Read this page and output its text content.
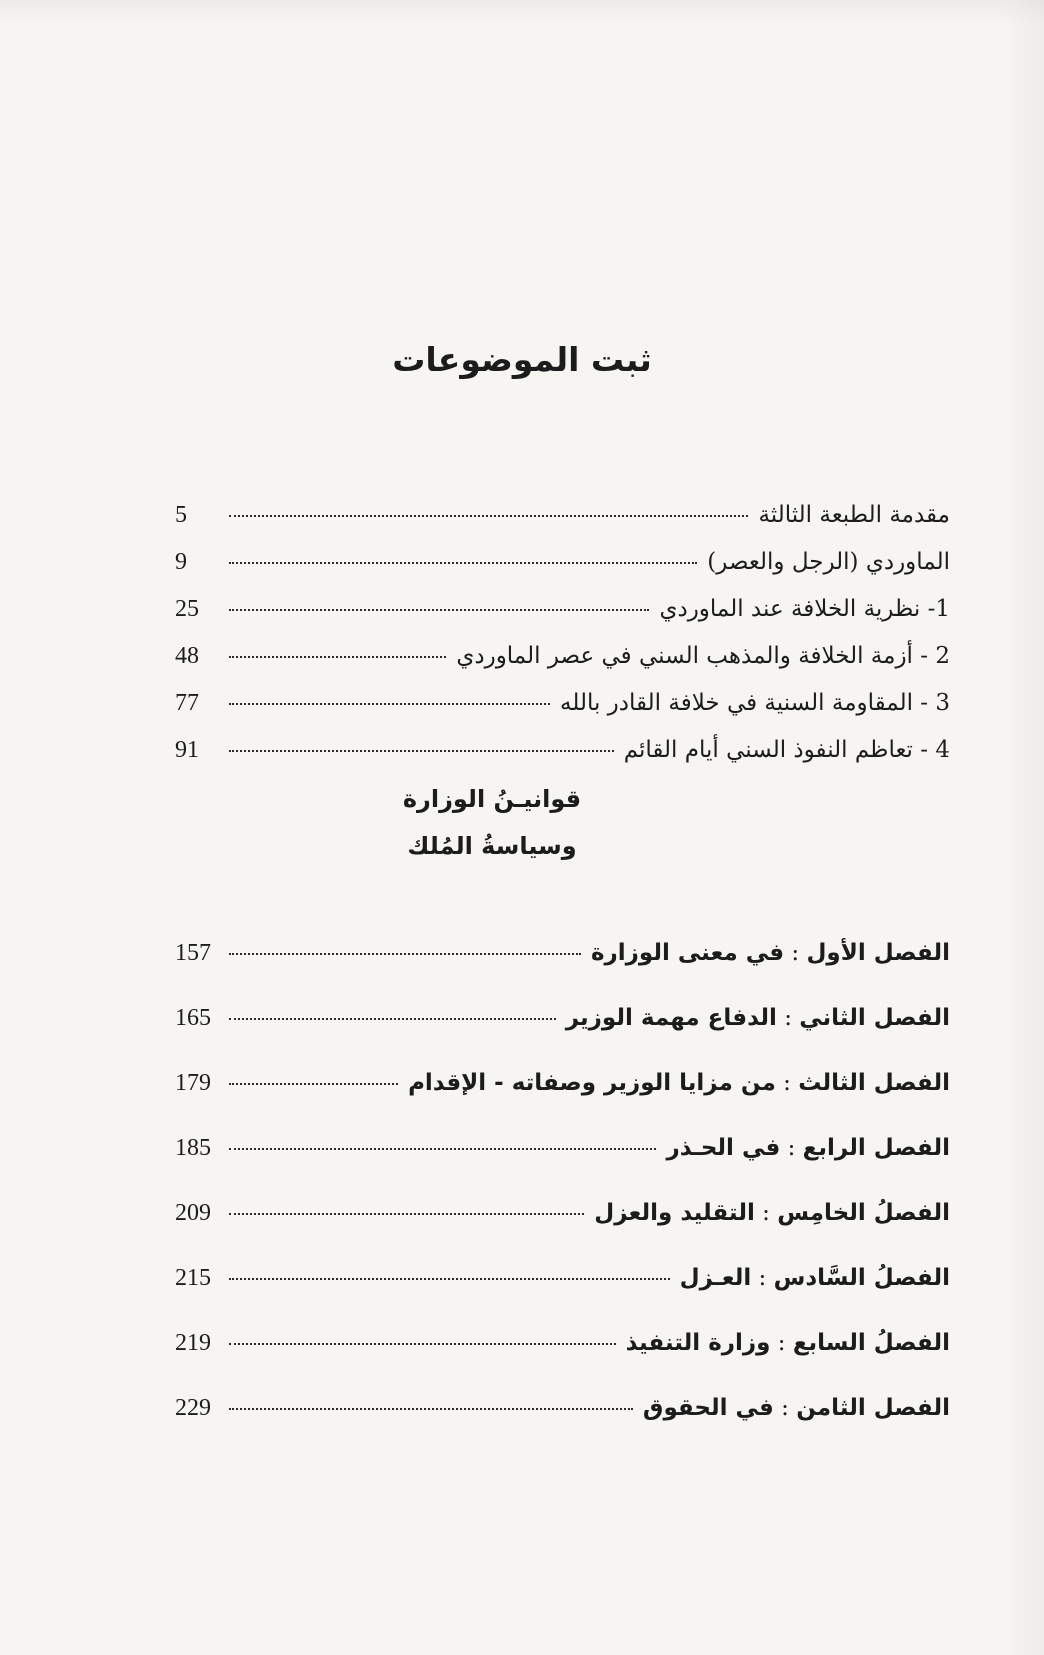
ثبت الموضوعات
مقدمة الطبعة الثالثة
5
الماوردي (الرجل والعصر)
9
1- نظرية الخلافة عند الماوردي
25
2 - أزمة الخلافة والمذهب السني في عصر الماوردي
48
3 - المقاومة السنية في خلافة القادر بالله
77
4 - تعاظم النفوذ السني أيام القائم
91
قوانيـنُ الوزارة
وسياسةُ المُلك
الفصل الأول : في معنى الوزارة
157
الفصل الثاني : الدفاع مهمة الوزير
165
الفصل الثالث : من مزايا الوزير وصفاته - الإقدام
179
الفصل الرابع : في الحـذر
185
الفصلُ الخامِس : التقليد والعزل
209
الفصلُ السَّادس : العـزل
215
الفصلُ السابع : وزارة التنفيذ
219
الفصل الثامن : في الحقوق
229
